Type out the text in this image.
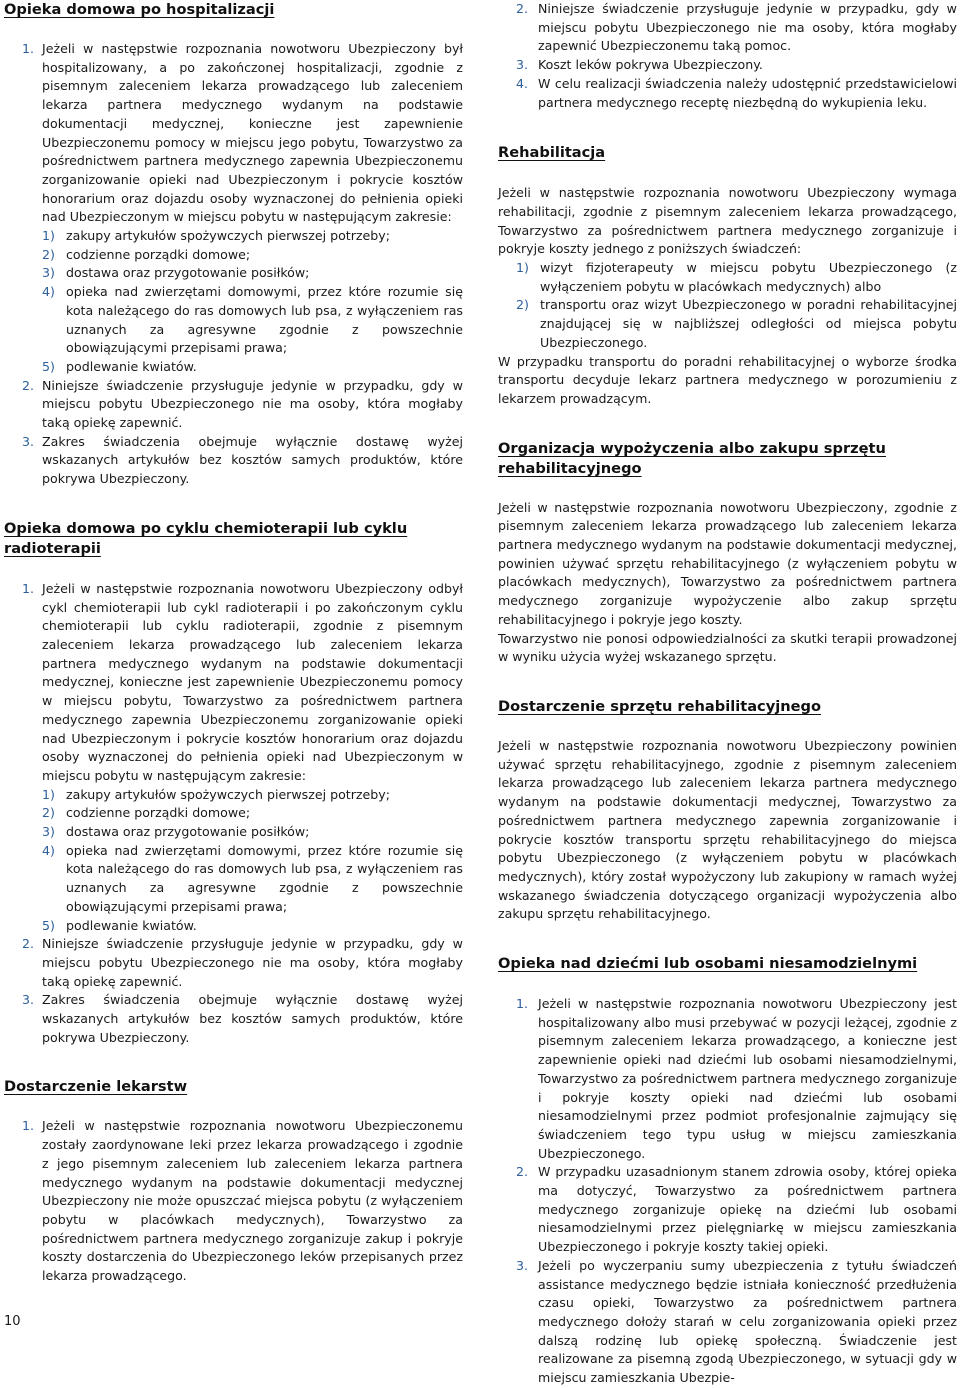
Opieka domowa po hospitalizacji
1. Jeżeli w następstwie rozpoznania nowotworu Ubezpieczony był hospitalizowany, a po zakończonej hospitalizacji, zgodnie z pisemnym zaleceniem lekarza prowadzącego lub zaleceniem lekarza partnera medycznego wydanym na podstawie dokumentacji medycznej, konieczne jest zapewnienie Ubezpieczonemu pomocy w miejscu jego pobytu, Towarzystwo za pośrednictwem partnera medycznego zapewnia Ubezpieczonemu zorganizowanie opieki nad Ubezpieczonym i pokrycie kosztów honorarium oraz dojazdu osoby wyznaczonej do pełnienia opieki nad Ubezpieczonym w miejscu pobytu w następującym zakresie:
1) zakupy artykułów spożywczych pierwszej potrzeby;
2) codzienne porządki domowe;
3) dostawa oraz przygotowanie posiłków;
4) opieka nad zwierzętami domowymi, przez które rozumie się kota należącego do ras domowych lub psa, z wyłączeniem ras uznanych za agresywne zgodnie z powszechnie obowiązującymi przepisami prawa;
5) podlewanie kwiatów.
2. Niniejsze świadczenie przysługuje jedynie w przypadku, gdy w miejscu pobytu Ubezpieczonego nie ma osoby, która mogłaby taką opiekę zapewnić.
3. Zakres świadczenia obejmuje wyłącznie dostawę wyżej wskazanych artykułów bez kosztów samych produktów, które pokrywa Ubezpieczony.
Opieka domowa po cyklu chemioterapii lub cyklu radioterapii
1. Jeżeli w następstwie rozpoznania nowotworu Ubezpieczony odbył cykl chemioterapii lub cykl radioterapii i po zakończonym cyklu chemioterapii lub cyklu radioterapii, zgodnie z pisemnym zaleceniem lekarza prowadzącego lub zaleceniem lekarza partnera medycznego wydanym na podstawie dokumentacji medycznej, konieczne jest zapewnienie Ubezpieczonemu pomocy w miejscu pobytu, Towarzystwo za pośrednictwem partnera medycznego zapewnia Ubezpieczonemu zorganizowanie opieki nad Ubezpieczonym i pokrycie kosztów honorarium oraz dojazdu osoby wyznaczonej do pełnienia opieki nad Ubezpieczonym w miejscu pobytu w następującym zakresie:
1) zakupy artykułów spożywczych pierwszej potrzeby;
2) codzienne porządki domowe;
3) dostawa oraz przygotowanie posiłków;
4) opieka nad zwierzętami domowymi, przez które rozumie się kota należącego do ras domowych lub psa, z wyłączeniem ras uznanych za agresywne zgodnie z powszechnie obowiązującymi przepisami prawa;
5) podlewanie kwiatów.
2. Niniejsze świadczenie przysługuje jedynie w przypadku, gdy w miejscu pobytu Ubezpieczonego nie ma osoby, która mogłaby taką opiekę zapewnić.
3. Zakres świadczenia obejmuje wyłącznie dostawę wyżej wskazanych artykułów bez kosztów samych produktów, które pokrywa Ubezpieczony.
Dostarczenie lekarstw
1. Jeżeli w następstwie rozpoznania nowotworu Ubezpieczonemu zostały zaordynowane leki przez lekarza prowadzącego i zgodnie z jego pisemnym zaleceniem lub zaleceniem lekarza partnera medycznego wydanym na podstawie dokumentacji medycznej Ubezpieczony nie może opuszczać miejsca pobytu (z wyłączeniem pobytu w placówkach medycznych), Towarzystwo za pośrednictwem partnera medycznego zorganizuje zakup i pokryje koszty dostarczenia do Ubezpieczonego leków przepisanych przez lekarza prowadzącego.
2. Niniejsze świadczenie przysługuje jedynie w przypadku, gdy w miejscu pobytu Ubezpieczonego nie ma osoby, która mogłaby zapewnić Ubezpieczonemu taką pomoc.
3. Koszt leków pokrywa Ubezpieczony.
4. W celu realizacji świadczenia należy udostępnić przedstawicielowi partnera medycznego receptę niezbędną do wykupienia leku.
Rehabilitacja

Jeżeli w następstwie rozpoznania nowotworu Ubezpieczony wymaga rehabilitacji, zgodnie z pisemnym zaleceniem lekarza prowadzącego, Towarzystwo za pośrednictwem partnera medycznego zorganizuje i pokryje koszty jednego z poniższych świadczeń:

1) wizyt fizjoterapeuty w miejscu pobytu Ubezpieczonego (z wyłączeniem pobytu w placówkach medycznych) albo
2) transportu oraz wizyt Ubezpieczonego w poradni rehabilitacyjnej znajdującej się w najbliższej odległości od miejsca pobytu Ubezpieczonego.

W przypadku transportu do poradni rehabilitacyjnej o wyborze środka transportu decyduje lekarz partnera medycznego w porozumieniu z lekarzem prowadzącym.

Organizacja wypożyczenia albo zakupu sprzętu rehabilitacyjnego

Jeżeli w następstwie rozpoznania nowotworu Ubezpieczony, zgodnie z pisemnym zaleceniem lekarza prowadzącego lub zaleceniem lekarza partnera medycznego wydanym na podstawie dokumentacji medycznej, powinien używać sprzętu rehabilitacyjnego (z wyłączeniem pobytu w placówkach medycznych), Towarzystwo za pośrednictwem partnera medycznego zorganizuje wypożyczenie albo zakup sprzętu rehabilitacyjnego i pokryje jego koszty.

Towarzystwo nie ponosi odpowiedzialności za skutki terapii prowadzonej w wyniku użycia wyżej wskazanego sprzętu.

Dostarczenie sprzętu rehabilitacyjnego

Jeżeli w następstwie rozpoznania nowotworu Ubezpieczony powinien używać sprzętu rehabilitacyjnego, zgodnie z pisemnym zaleceniem lekarza prowadzącego lub zaleceniem lekarza partnera medycznego wydanym na podstawie dokumentacji medycznej, Towarzystwo za pośrednictwem partnera medycznego zapewnia zorganizowanie i pokrycie kosztów transportu sprzętu rehabilitacyjnego do miejsca pobytu Ubezpieczonego (z wyłączeniem pobytu w placówkach medycznych), który został wypożyczony lub zakupiony w ramach wyżej wskazanego świadczenia dotyczącego organizacji wypożyczenia albo zakupu sprzętu rehabilitacyjnego.

Opieka nad dziećmi lub osobami niesamodzielnymi
1. Jeżeli w następstwie rozpoznania nowotworu Ubezpieczony jest hospitalizowany albo musi przebywać w pozycji leżącej, zgodnie z pisemnym zaleceniem lekarza prowadzącego, a konieczne jest zapewnienie opieki nad dziećmi lub osobami niesamodzielnymi, Towarzystwo za pośrednictwem partnera medycznego zorganizuje i pokryje koszty opieki nad dziećmi lub osobami niesamodzielnymi przez podmiot profesjonalnie zajmujący się świadczeniem tego typu usług w miejscu zamieszkania Ubezpieczonego.
2. W przypadku uzasadnionym stanem zdrowia osoby, której opieka ma dotyczyć, Towarzystwo za pośrednictwem partnera medycznego zorganizuje opiekę na dziećmi lub osobami niesamodzielnymi przez pielęgniarkę w miejscu zamieszkania Ubezpieczonego i pokryje koszty takiej opieki.
3. Jeżeli po wyczerpaniu sumy ubezpieczenia z tytułu świadczeń assistance medycznego będzie istniała konieczność przedłużenia czasu opieki, Towarzystwo za pośrednictwem partnera medycznego dołoży starań w celu zorganizowania opieki przez dalszą rodzinę lub opiekę społeczną. Świadczenie jest realizowane za pisemną zgodą Ubezpieczonego, w sytuacji gdy w miejscu zamieszkania Ubezpie-
10
